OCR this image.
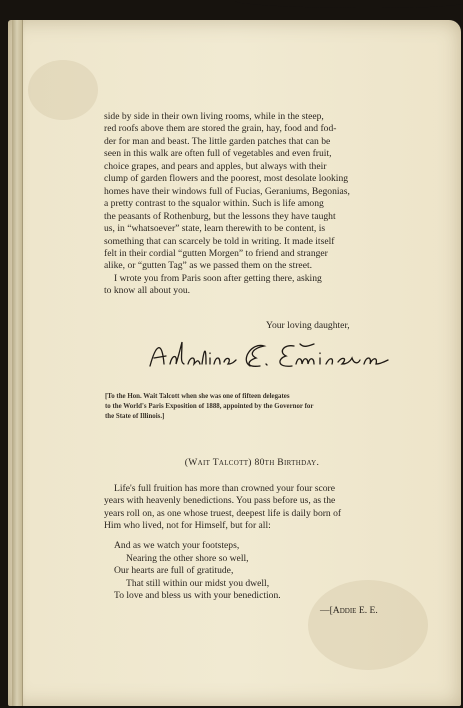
side by side in their own living rooms, while in the steep,
red roofs above them are stored the grain, hay, food and fod-
der for man and beast. The little garden patches that can be
seen in this walk are often full of vegetables and even fruit,
choice grapes, and pears and apples, but always with their
clump of garden flowers and the poorest, most desolate looking
homes have their windows full of Fucias, Geraniums, Begonias,
a pretty contrast to the squalor within. Such is life among
the peasants of Rothenburg, but the lessons they have taught
us, in “whatsoever” state, learn therewith to be content, is
something that can scarcely be told in writing. It made itself
felt in their cordial “gutten Morgen” to friend and stranger
alike, or “gutten Tag” as we passed them on the street.
I wrote you from Paris soon after getting there, asking
to know all about you.

Your loving daughter,

[To the Hon. Wait Talcott when she was one of fifteen delegates
to the World's Paris Exposition of 1888, appointed by the Governor for
the State of Illinois.]
(Wait Talcott) 80th Birthday.

Life's full fruition has more than crowned your four score
years with heavenly benedictions. You pass before us, as the
years roll on, as one whose truest, deepest life is daily born of
Him who lived, not for Himself, but for all:

And as we watch your footsteps,
Nearing the other shore so well,
Our hearts are full of gratitude,
That still within our midst you dwell,
To love and bless us with your benediction.
—[Addie E. E.
